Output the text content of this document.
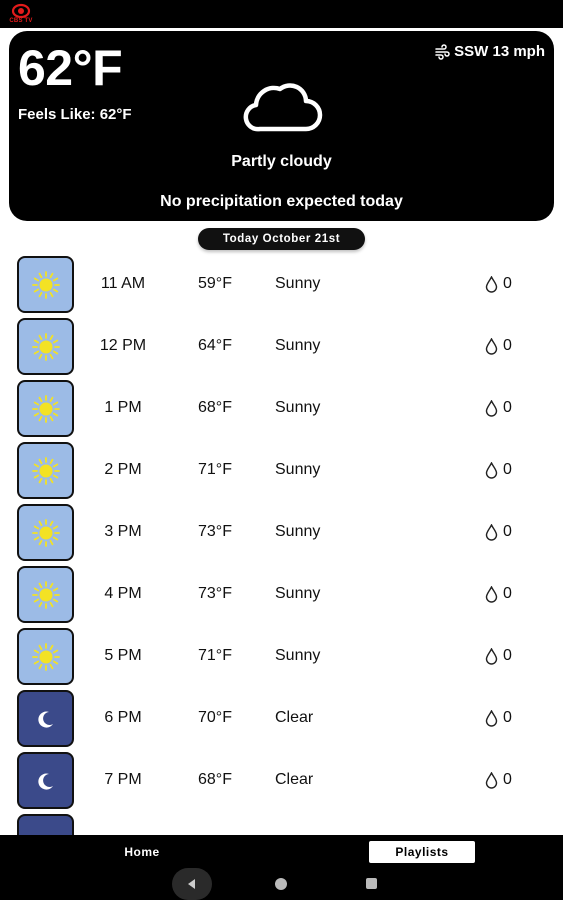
CBS TV
62°F
Feels Like: 62°F
SSW 13 mph
Partly cloudy
No precipitation expected today
Today October 21st
11 AM	59°F	Sunny	0
12 PM	64°F	Sunny	0
1 PM	68°F	Sunny	0
2 PM	71°F	Sunny	0
3 PM	73°F	Sunny	0
4 PM	73°F	Sunny	0
5 PM	71°F	Sunny	0
6 PM	70°F	Clear	0
7 PM	68°F	Clear	0
Home	Playlists
